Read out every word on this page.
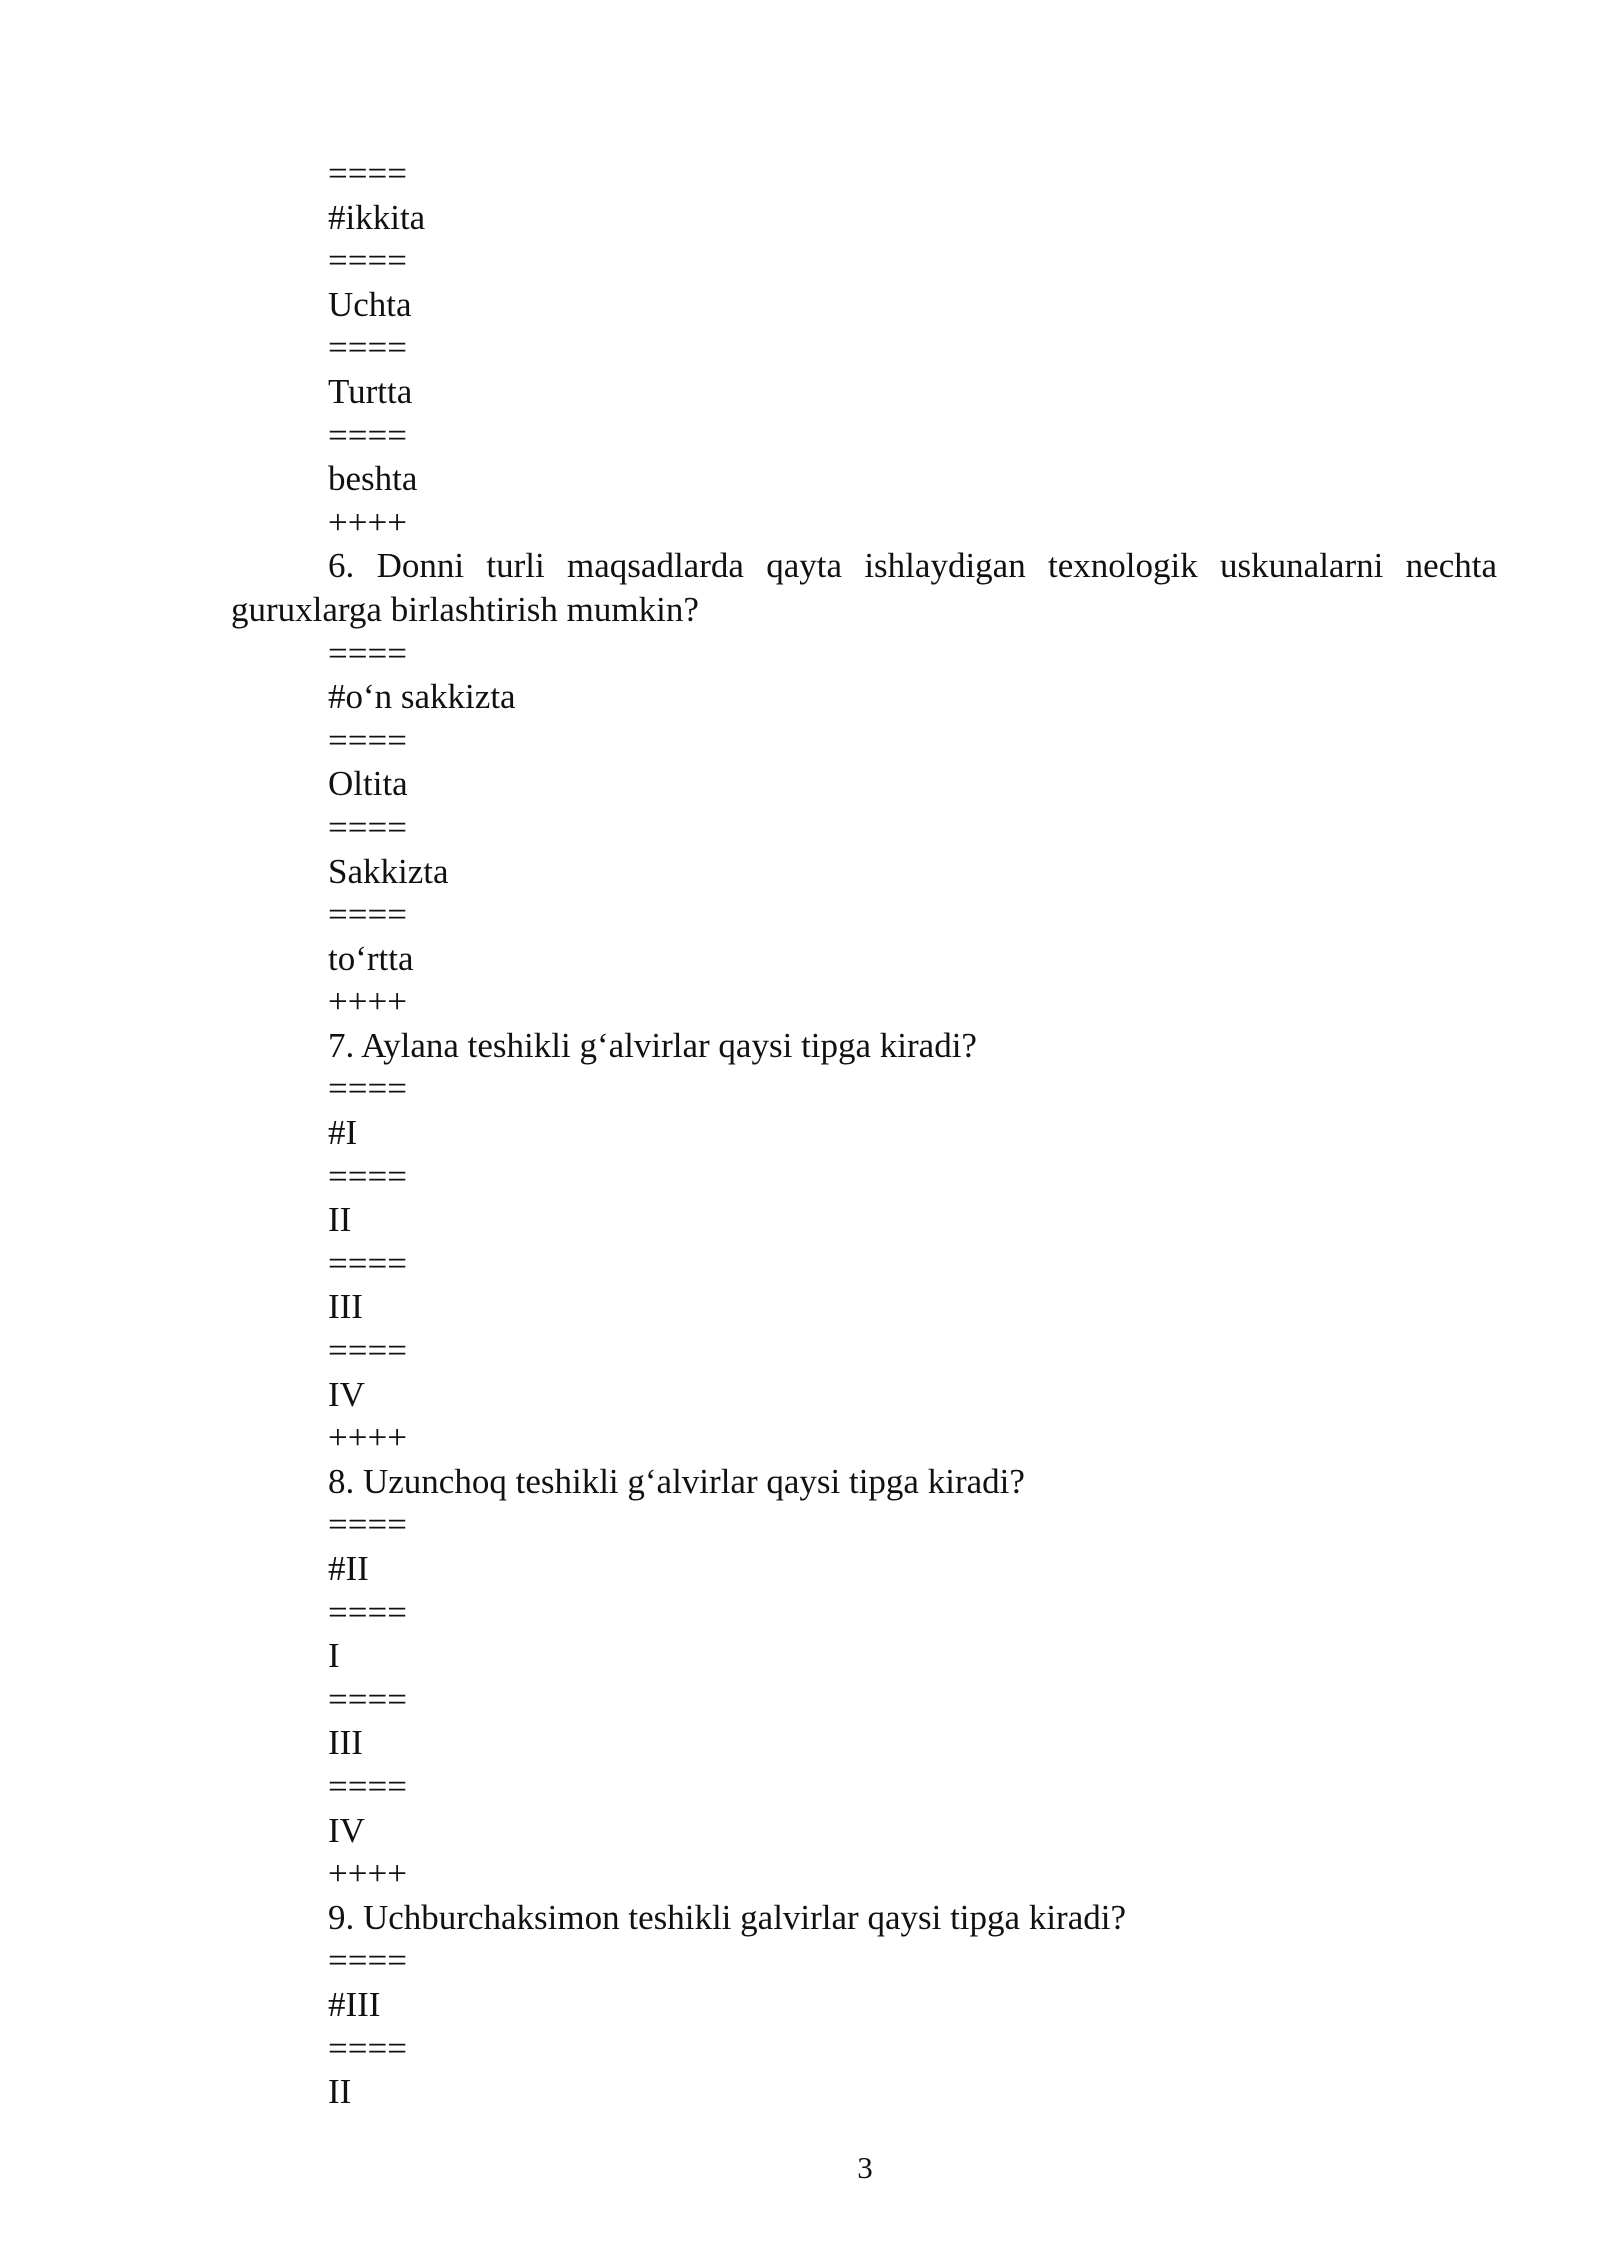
====
#ikkita
====
Uchta
====
Turtta
====
beshta
++++
6. Donni turli maqsadlarda qayta ishlaydigan texnologik uskunalarni nechta
guruxlarga birlashtirish mumkin?
====
#o‘n sakkizta
====
Oltita
====
Sakkizta
====
to‘rtta
++++
7. Aylana teshikli g‘alvirlar qaysi tipga kiradi?
====
#I
====
II
====
III
====
IV
++++
8. Uzunchoq teshikli g‘alvirlar qaysi tipga kiradi?
====
#II
====
I
====
III
====
IV
++++
9. Uchburchaksimon teshikli galvirlar qaysi tipga kiradi?
====
#III
====
II
3
